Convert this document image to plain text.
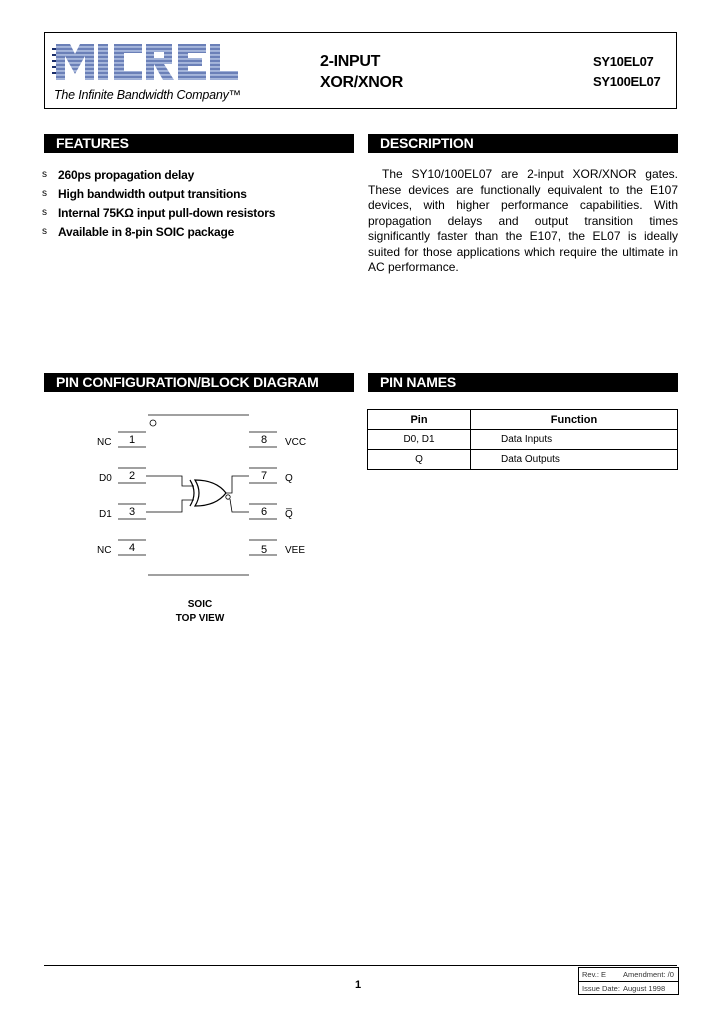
MICREL
The Infinite Bandwidth Company™
2-INPUT
XOR/XNOR
SY10EL07
SY100EL07
FEATURES	DESCRIPTION
PIN CONFIGURATION/BLOCK DIAGRAM	PIN NAMES
s 260ps propagation delay
s High bandwidth output transitions
s Internal 75KΩ input pull-down resistors
s Available in 8-pin SOIC package
The SY10/100EL07 are 2-input XOR/XNOR gates. These devices are functionally equivalent to the E107 devices, with higher performance capabilities. With propagation delays and output transition times significantly faster than the E107, the EL07 is ideally suited for those applications which require the ultimate in AC performance.
NC
D0
D1
NC
1
2
3
4
8
7
6
5
VCC
Q
Q̅
VEE
SOIC
TOP VIEW
Pin	Function
D0, D1	Data Inputs
Q	Data Outputs
1
Rev.: E Amendment: /0
Issue Date: August 1998
